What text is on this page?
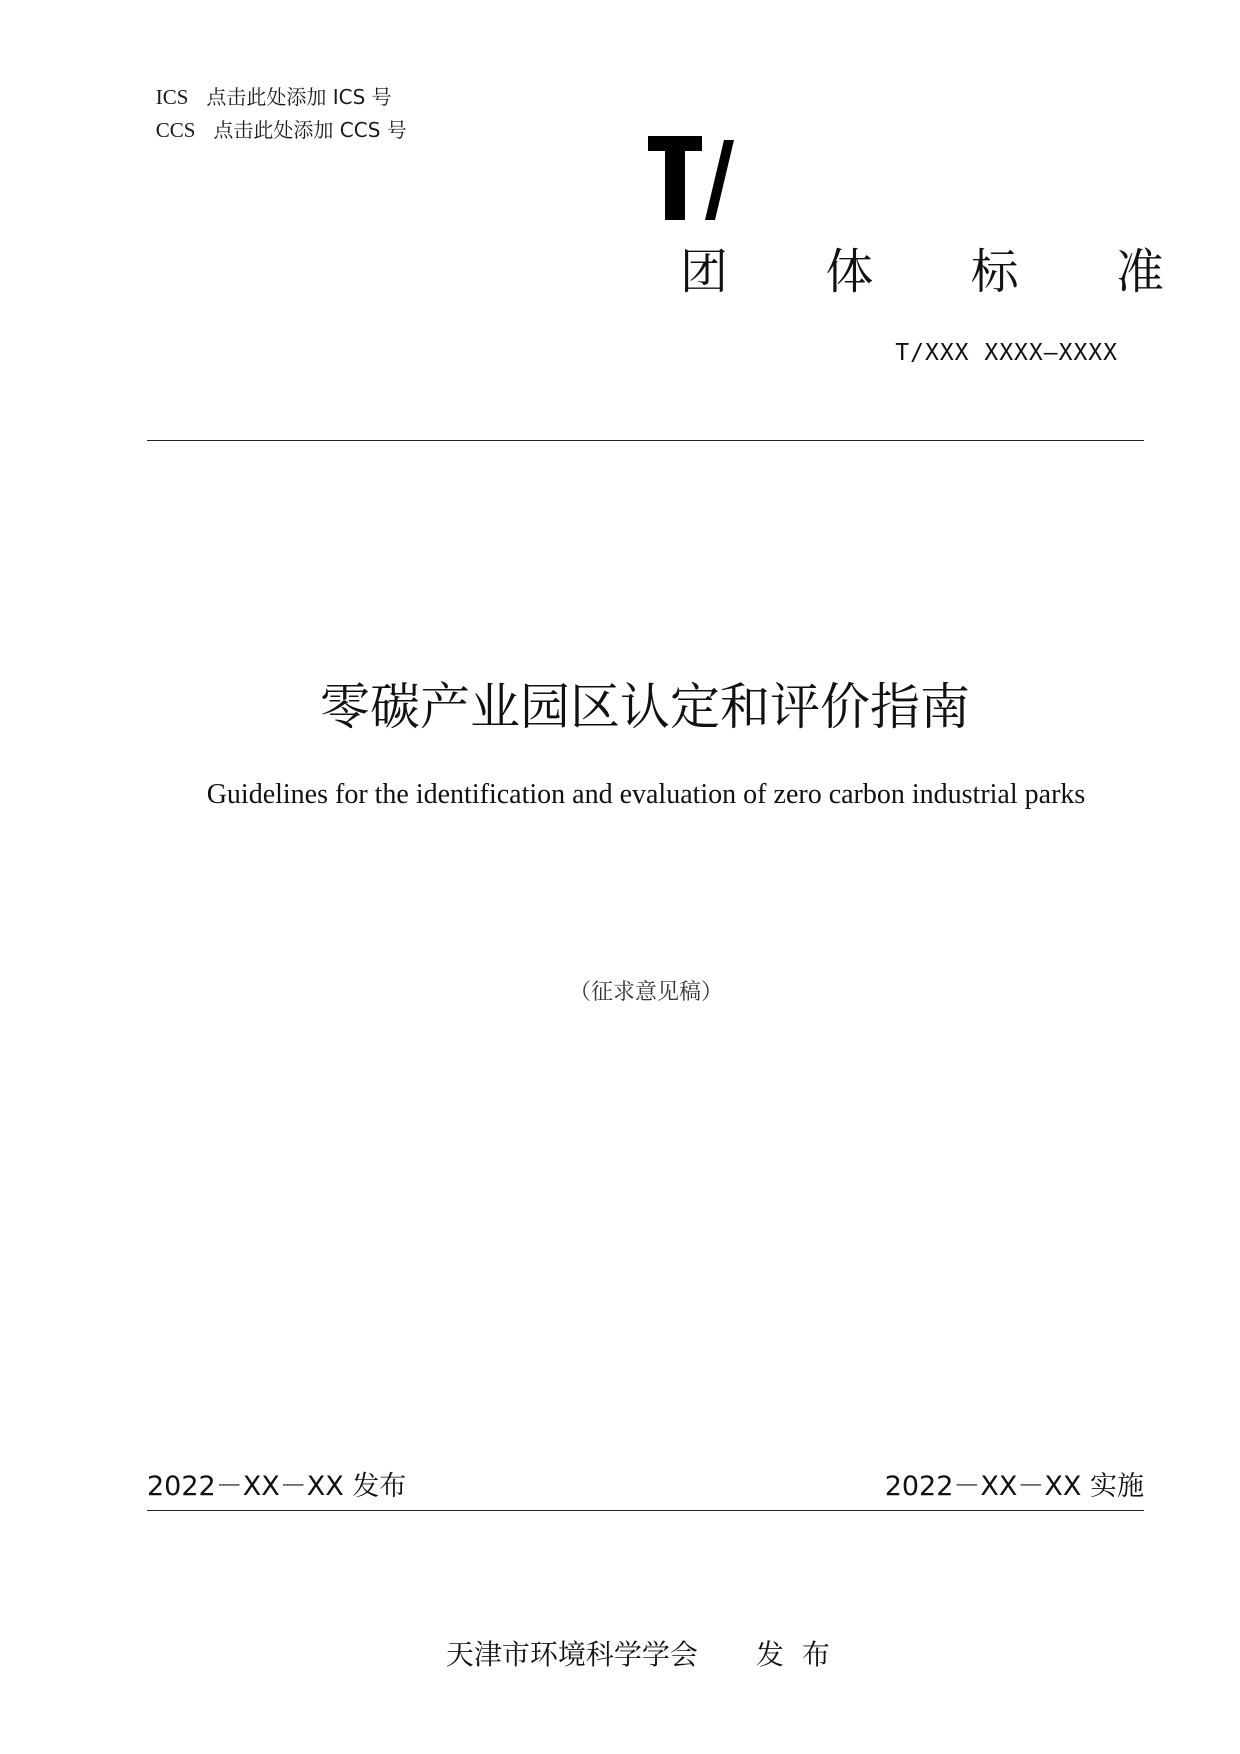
ICS 点击此处添加 ICS 号

CCS 点击此处添加 CCS 号

团 体 标 准
T/XXX XXXX—XXXX
零碳产业园区认定和评价指南
Guidelines for the identification and evaluation of zero carbon industrial parks
（征求意见稿）
2022－XX－XX 发布	2022－XX－XX 实施

天津市环境科学学会 发布
